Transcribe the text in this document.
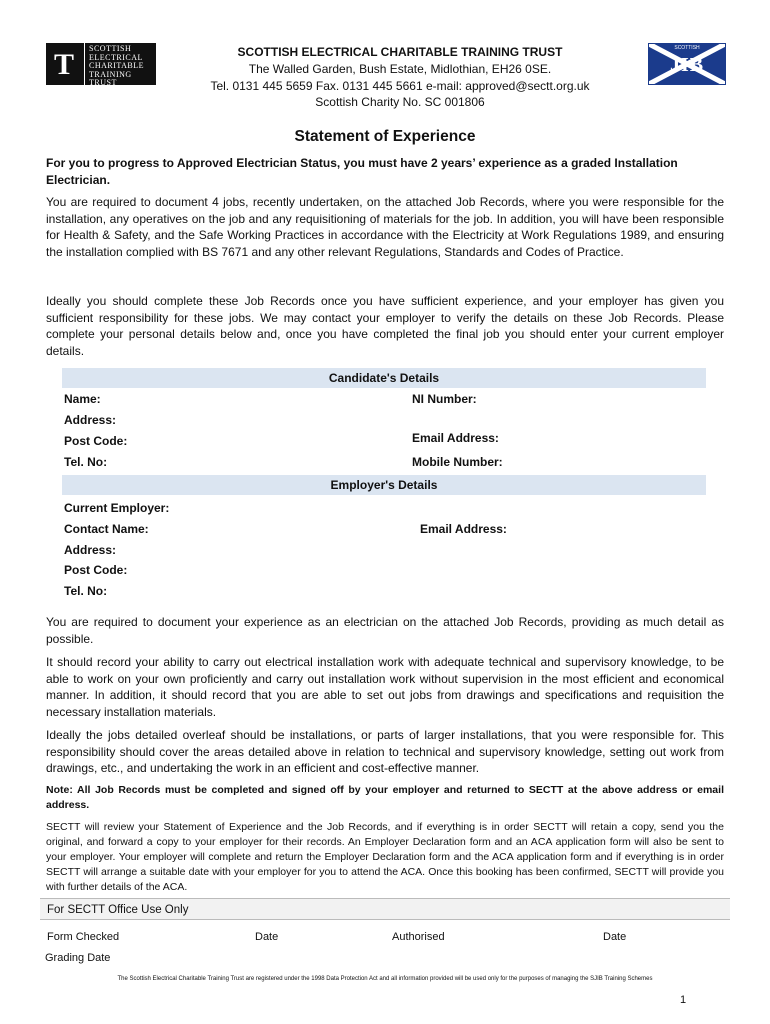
T SCOTTISH
ELECTRICAL
CHARITABLE
TRAINING
TRUST
SCOTTISH
JIB
SCOTTISH ELECTRICAL CHARITABLE TRAINING TRUST
The Walled Garden, Bush Estate, Midlothian, EH26 0SE.
Tel. 0131 445 5659 Fax. 0131 445 5661 e-mail: approved@sectt.org.uk
Scottish Charity No. SC 001806
Statement of Experience
For you to progress to Approved Electrician Status, you must have 2 years’ experience as a graded Installation Electrician.
You are required to document 4 jobs, recently undertaken, on the attached Job Records, where you were responsible for the installation, any operatives on the job and any requisitioning of materials for the job. In addition, you will have been responsible for Health & Safety, and the Safe Working Practices in accordance with the Electricity at Work Regulations 1989, and ensuring the installation complied with BS 7671 and any other relevant Regulations, Standards and Codes of Practice.
Ideally you should complete these Job Records once you have sufficient experience, and your employer has given you sufficient responsibility for these jobs. We may contact your employer to verify the details on these Job Records. Please complete your personal details below and, once you have completed the final job you should enter your current employer details.
Candidate's Details
Name:	NI Number:
Address:
Post Code:	Email Address:
Tel. No:	Mobile Number:
Employer's Details
Current Employer:
Contact Name:	Email Address:
Address:
Post Code:
Tel. No:
You are required to document your experience as an electrician on the attached Job Records, providing as much detail as possible.
It should record your ability to carry out electrical installation work with adequate technical and supervisory knowledge, to be able to work on your own proficiently and carry out installation work without supervision in the most efficient and economical manner. In addition, it should record that you are able to set out jobs from drawings and specifications and requisition the necessary installation materials.
Ideally the jobs detailed overleaf should be installations, or parts of larger installations, that you were responsible for. This responsibility should cover the areas detailed above in relation to technical and supervisory knowledge, setting out work from drawings, etc., and undertaking the work in an efficient and cost-effective manner.
Note: All Job Records must be completed and signed off by your employer and returned to SECTT at the above address or email address.
SECTT will review your Statement of Experience and the Job Records, and if everything is in order SECTT will retain a copy, send you the original, and forward a copy to your employer for their records. An Employer Declaration form and an ACA application form will also be sent to your employer. Your employer will complete and return the Employer Declaration form and the ACA application form and if everything is in order SECTT will arrange a suitable date with your employer for you to attend the ACA. Once this booking has been confirmed, SECTT will provide you with further details of the ACA.
For SECTT Office Use Only
Form Checked	Date	Authorised	Date
Grading Date
The Scottish Electrical Charitable Training Trust are registered under the 1998 Data Protection Act and all information provided will be used only for the purposes of managing the SJIB Training Schemes
1
